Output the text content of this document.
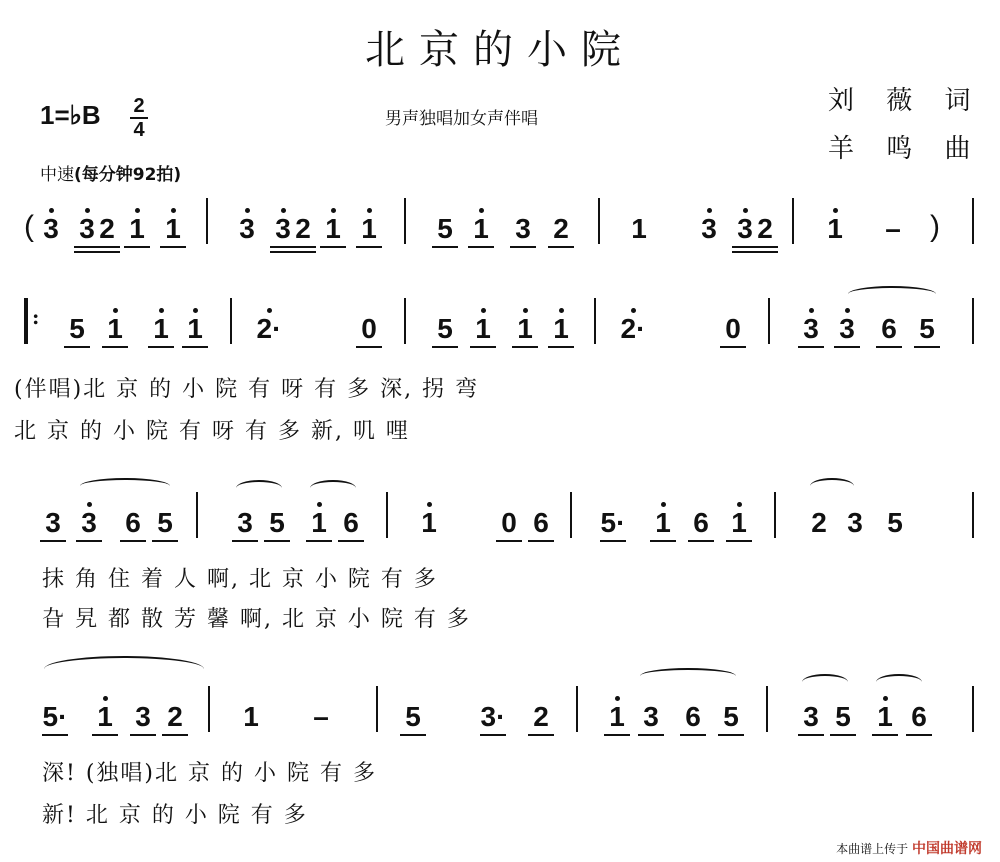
北京的小院
1=♭B 2
4	男声独唱加女声伴唱
刘 薇 词
羊 鸣 曲
中速(每分钟92拍)
( 3 3 2 1 1 3 3 2 1 1 5 1 3 2 1 3 3 2 1 – )
: 5 1 1 1 2·	0 5 1 1 1 2·	0 3 3 6 5
(伴唱)北 京 的 小 院 有 呀 有 多 深, 拐 弯
北 京 的 小 院 有 呀 有 多 新, 叽 哩
3 3 6 5 3 5 1 6 1 0 6 5· 1 6 1 2 3 5
抹 角 住 着 人 啊, 北 京 小 院 有 多
旮 旯 都 散 芳 馨 啊, 北 京 小 院 有 多
5· 1 3 2 1 –	5 3· 2 1 3 6 5 3 5 1 6
深! (独唱)北 京 的 小 院 有 多
新! 北 京 的 小 院 有 多
本曲谱上传于 中国曲谱网
